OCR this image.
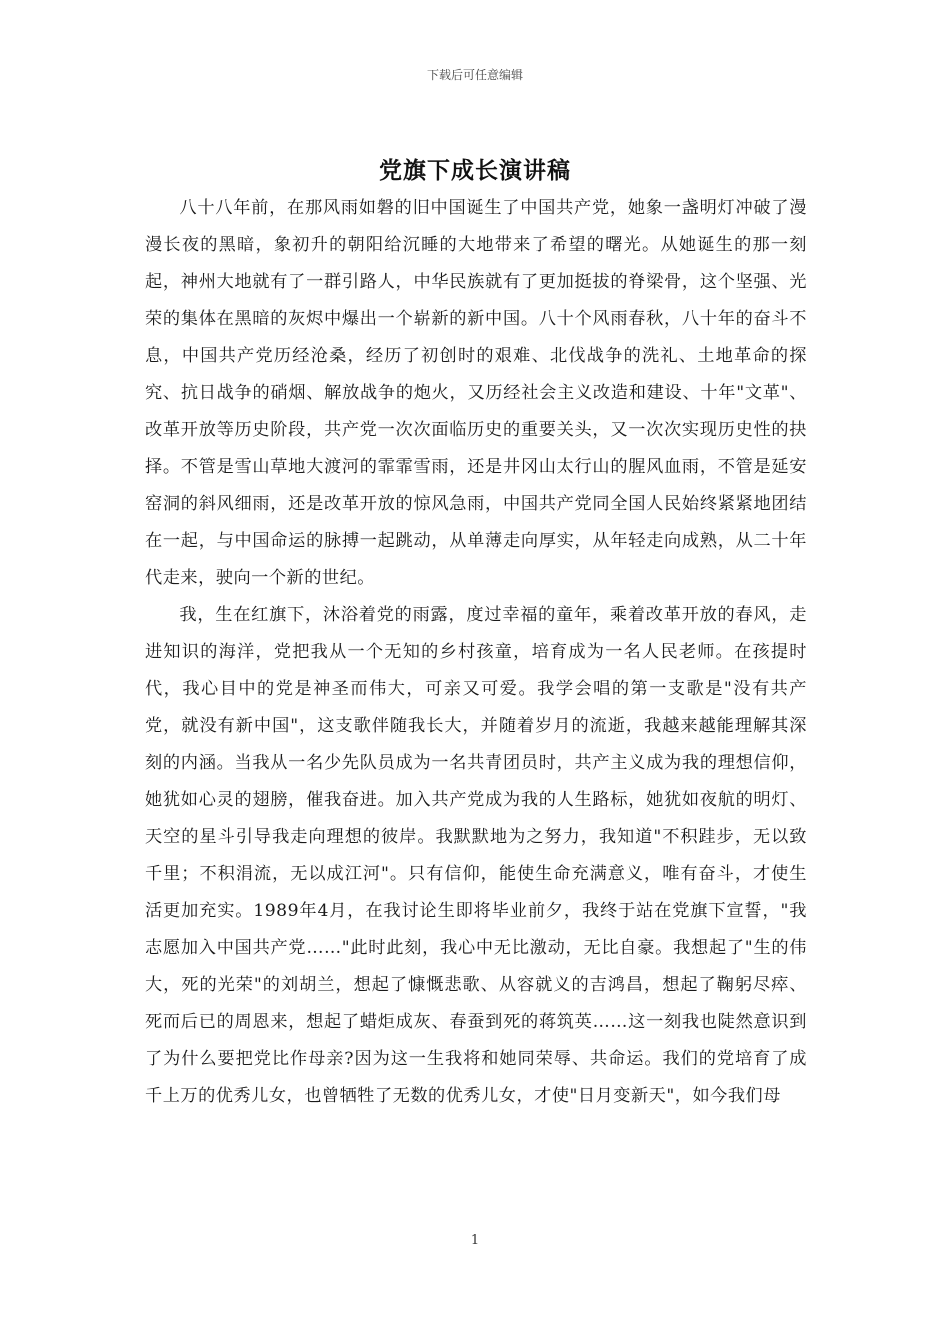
下载后可任意编辑
党旗下成长演讲稿

八十八年前，在那风雨如磐的旧中国诞生了中国共产党，她象一盏明灯冲破了漫漫长夜的黑暗，象初升的朝阳给沉睡的大地带来了希望的曙光。从她诞生的那一刻起，神州大地就有了一群引路人，中华民族就有了更加挺拔的脊梁骨，这个坚强、光荣的集体在黑暗的灰烬中爆出一个崭新的新中国。八十个风雨春秋，八十年的奋斗不息，中国共产党历经沧桑，经历了初创时的艰难、北伐战争的洗礼、土地革命的探究、抗日战争的硝烟、解放战争的炮火，又历经社会主义改造和建设、十年"文革"、改革开放等历史阶段，共产党一次次面临历史的重要关头，又一次次实现历史性的抉择。不管是雪山草地大渡河的霏霏雪雨，还是井冈山太行山的腥风血雨，不管是延安窑洞的斜风细雨，还是改革开放的惊风急雨，中国共产党同全国人民始终紧紧地团结在一起，与中国命运的脉搏一起跳动，从单薄走向厚实，从年轻走向成熟，从二十年代走来，驶向一个新的世纪。

我，生在红旗下，沐浴着党的雨露，度过幸福的童年，乘着改革开放的春风，走进知识的海洋，党把我从一个无知的乡村孩童，培育成为一名人民老师。在孩提时代，我心目中的党是神圣而伟大，可亲又可爱。我学会唱的第一支歌是"没有共产党，就没有新中国"，这支歌伴随我长大，并随着岁月的流逝，我越来越能理解其深刻的内涵。当我从一名少先队员成为一名共青团员时，共产主义成为我的理想信仰，她犹如心灵的翅膀，催我奋进。加入共产党成为我的人生路标，她犹如夜航的明灯、天空的星斗引导我走向理想的彼岸。我默默地为之努力，我知道"不积跬步，无以致千里；不积涓流，无以成江河"。只有信仰，能使生命充满意义，唯有奋斗，才使生活更加充实。1989年4月，在我讨论生即将毕业前夕，我终于站在党旗下宣誓，"我志愿加入中国共产党……"此时此刻，我心中无比激动，无比自豪。我想起了"生的伟大，死的光荣"的刘胡兰，想起了慷慨悲歌、从容就义的吉鸿昌，想起了鞠躬尽瘁、死而后已的周恩来，想起了蜡炬成灰、春蚕到死的蒋筑英……这一刻我也陡然意识到了为什么要把党比作母亲?因为这一生我将和她同荣辱、共命运。我们的党培育了成千上万的优秀儿女，也曾牺牲了无数的优秀儿女，才使"日月变新天"，如今我们母

1
